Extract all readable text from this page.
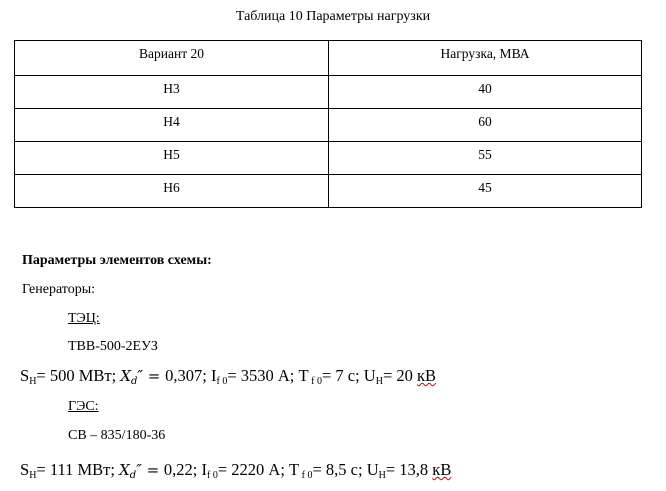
Таблица 10 Параметры нагрузки
Вариант 20	Нагрузка, МВА
Н3	40
Н4	60
Н5	55
Н6	45
Параметры элементов схемы:
Генераторы:
ТЭЦ:
ТВВ-500-2ЕУЗ
SН= 500 МВт; Xd″ = 0,307; If 0= 3530 А; T f 0= 7 с; UН= 20 кВ
ГЭС:
СВ – 835/180-36
SН= 111 МВт; Xd″ = 0,22; If 0= 2220 А; T f 0= 8,5 с; UН= 13,8 кВ
